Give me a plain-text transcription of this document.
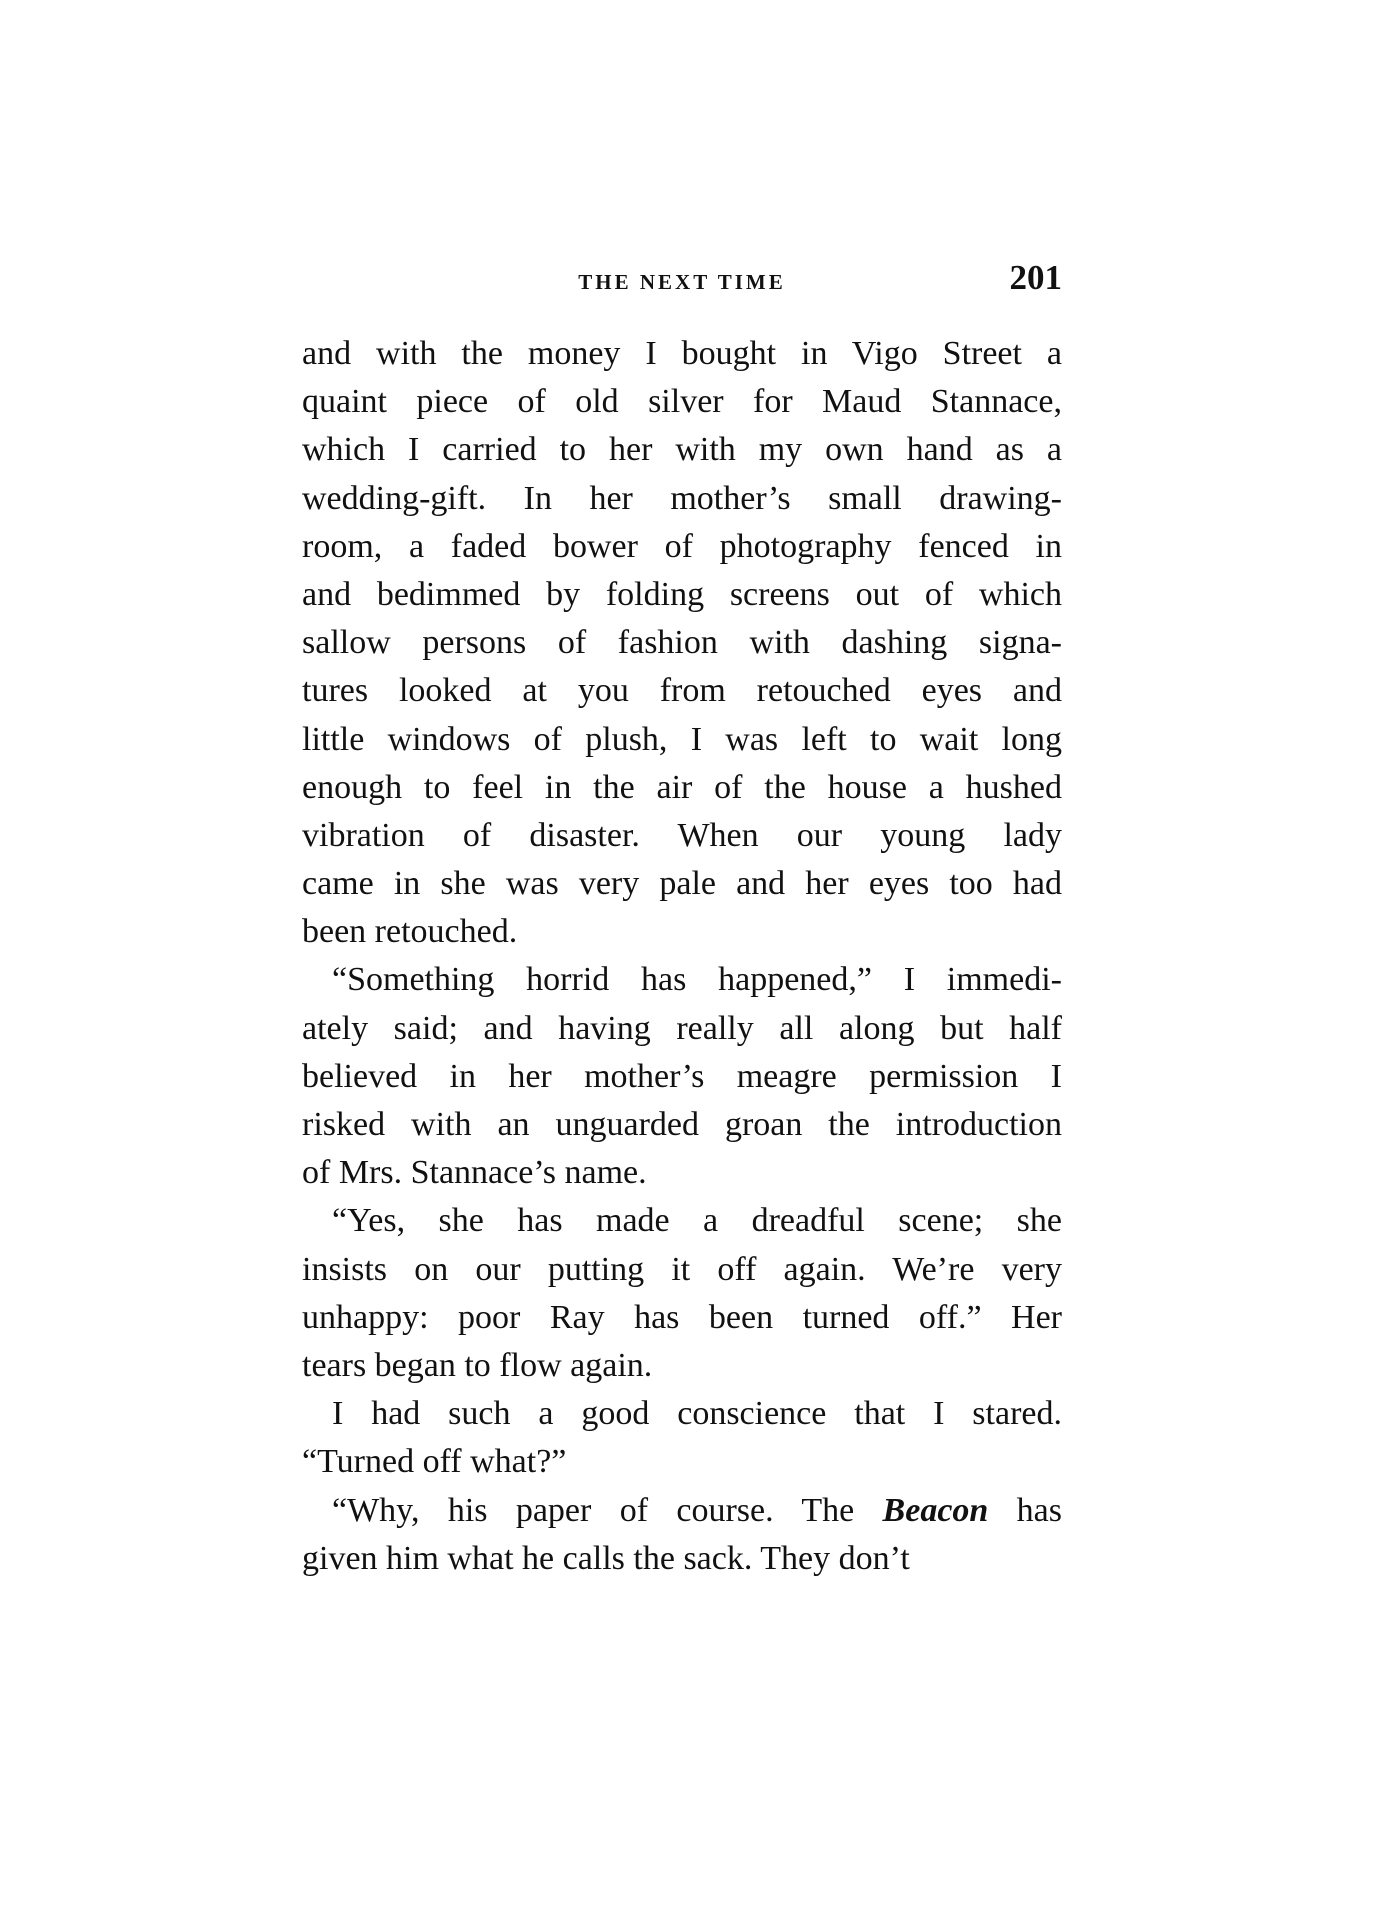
THE NEXT TIME	201
and with the money I bought in Vigo Street a
quaint piece of old silver for Maud Stannace,
which I carried to her with my own hand as a
wedding-gift. In her mother’s small drawing-
room, a faded bower of photography fenced in
and bedimmed by folding screens out of which
sallow persons of fashion with dashing signa-
tures looked at you from retouched eyes and
little windows of plush, I was left to wait long
enough to feel in the air of the house a hushed
vibration of disaster. When our young lady
came in she was very pale and her eyes too had
been retouched.
“Something horrid has happened,” I immedi-
ately said; and having really all along but half
believed in her mother’s meagre permission I
risked with an unguarded groan the introduction
of Mrs. Stannace’s name.
“Yes, she has made a dreadful scene; she
insists on our putting it off again. We’re very
unhappy: poor Ray has been turned off.” Her
tears began to flow again.
I had such a good conscience that I stared.
“Turned off what?”
“Why, his paper of course. The Beacon has
given him what he calls the sack. They don’t
